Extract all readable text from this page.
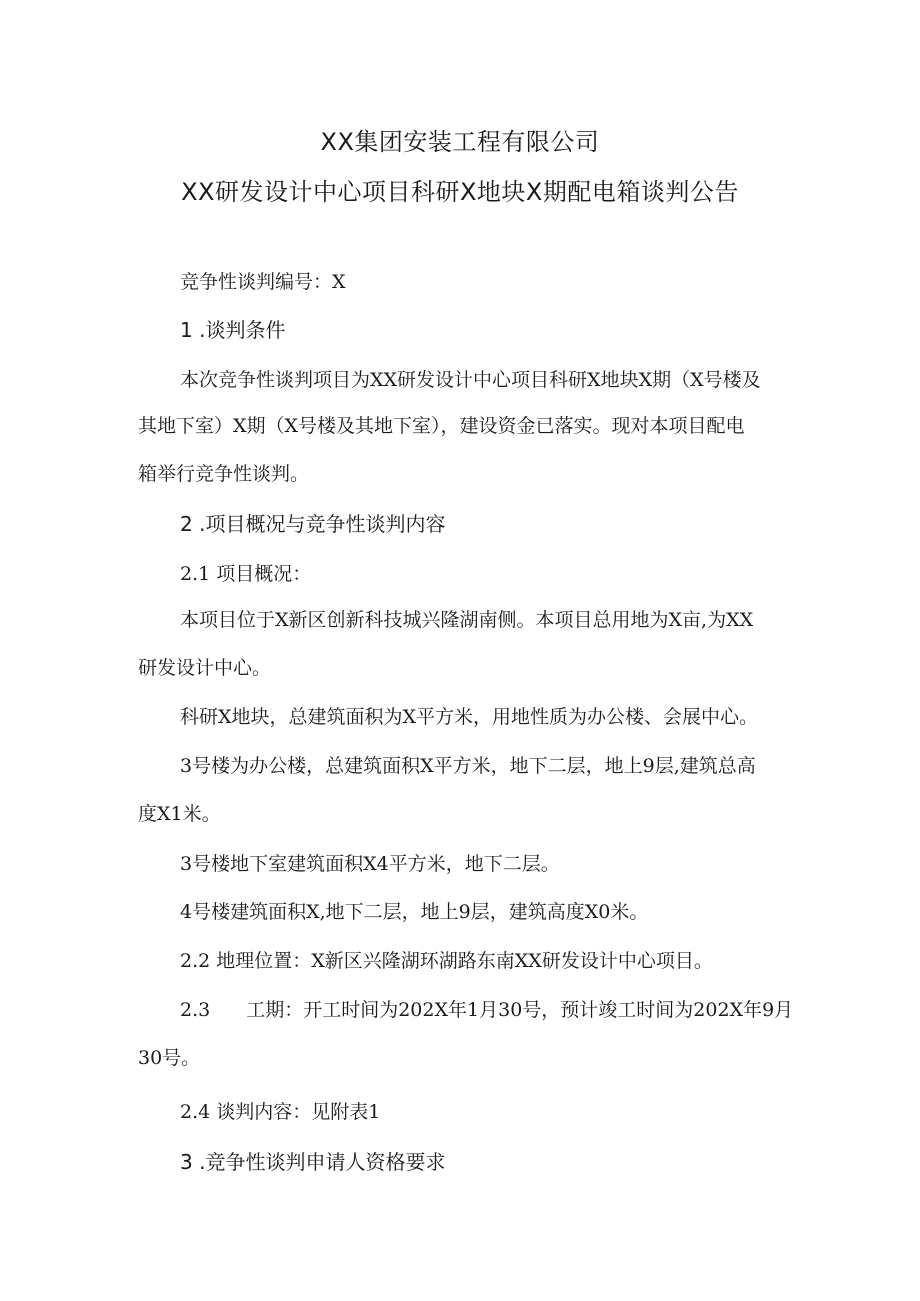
XX集团安装工程有限公司
XX研发设计中心项目科研X地块X期配电箱谈判公告
竞争性谈判编号：X
1 .谈判条件
本次竞争性谈判项目为XX研发设计中心项目科研X地块X期（X号楼及
其地下室）X期（X号楼及其地下室），建设资金已落实。现对本项目配电
箱举行竞争性谈判。
2 .项目概况与竞争性谈判内容
2.1 项目概况：
本项目位于X新区创新科技城兴隆湖南侧。本项目总用地为X亩,为XX
研发设计中心。
科研X地块，总建筑面积为X平方米，用地性质为办公楼、会展中心。
3号楼为办公楼，总建筑面积X平方米，地下二层，地上9层,建筑总高
度X1米。
3号楼地下室建筑面积X4平方米，地下二层。
4号楼建筑面积X,地下二层，地上9层，建筑高度X0米。
2.2 地理位置：X新区兴隆湖环湖路东南XX研发设计中心项目。
2.3 工期：开工时间为202X年1月30号，预计竣工时间为202X年9月
30号。
2.4 谈判内容：见附表1
3 .竞争性谈判申请人资格要求
